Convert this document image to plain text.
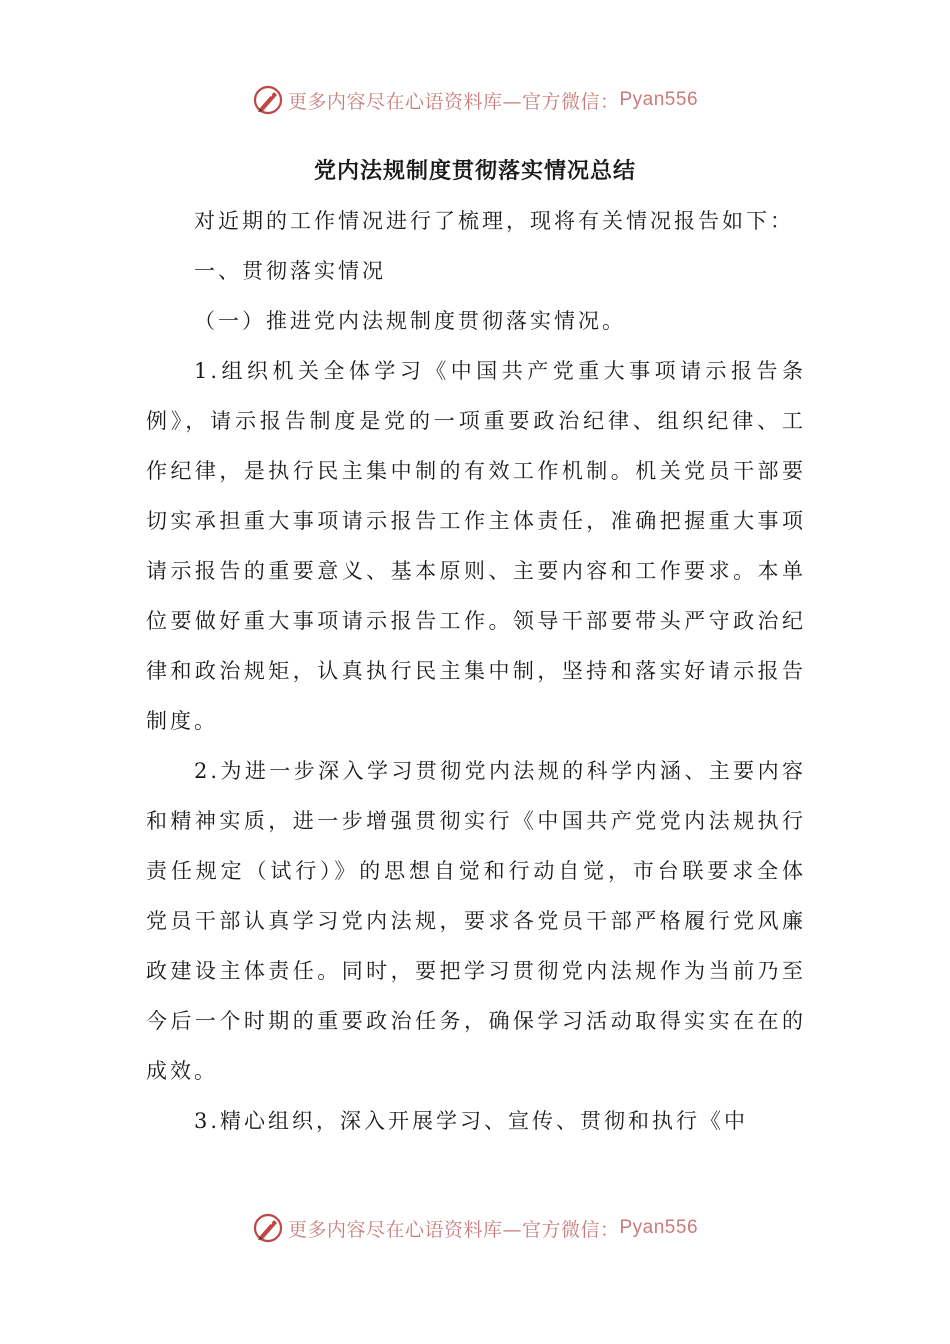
更多内容尽在心语资料库—官方微信： Pyan556
党内法规制度贯彻落实情况总结

对近期的工作情况进行了梳理，现将有关情况报告如下：

一、贯彻落实情况

（一）推进党内法规制度贯彻落实情况。

1.组织机关全体学习《中国共产党重大事项请示报告条例》，请示报告制度是党的一项重要政治纪律、组织纪律、工作纪律，是执行民主集中制的有效工作机制。机关党员干部要切实承担重大事项请示报告工作主体责任，准确把握重大事项请示报告的重要意义、基本原则、主要内容和工作要求。本单位要做好重大事项请示报告工作。领导干部要带头严守政治纪律和政治规矩，认真执行民主集中制，坚持和落实好请示报告制度。

2.为进一步深入学习贯彻党内法规的科学内涵、主要内容和精神实质，进一步增强贯彻实行《中国共产党党内法规执行责任规定（试行）》的思想自觉和行动自觉，市台联要求全体党员干部认真学习党内法规，要求各党员干部严格履行党风廉政建设主体责任。同时，要把学习贯彻党内法规作为当前乃至今后一个时期的重要政治任务，确保学习活动取得实实在在的成效。

3.精心组织，深入开展学习、宣传、贯彻和执行《中

更多内容尽在心语资料库—官方微信： Pyan556
